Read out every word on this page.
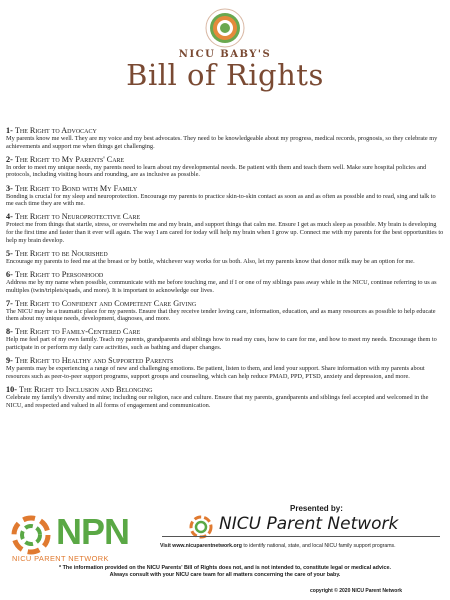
NICU BABY'S
Bill of Rights
1- The Right to Advocacy
My parents know me well. They are my voice and my best advocates. They need to be knowledgeable about my progress, medical records, prognosis, so they celebrate my achievements and support me when things get challenging.
2- The Right to My Parents' Care
In order to meet my unique needs, my parents need to learn about my developmental needs. Be patient with them and teach them well. Make sure hospital policies and protocols, including visiting hours and rounding, are as inclusive as possible.
3- The Right to Bond with My Family
Bonding is crucial for my sleep and neuroprotection. Encourage my parents to practice skin-to-skin contact as soon as and as often as possible and to read, sing and talk to me each time they are with me.
4- The Right to Neuroprotective Care
Protect me from things that startle, stress, or overwhelm me and my brain, and support things that calm me. Ensure I get as much sleep as possible. My brain is developing for the first time and faster than it ever will again. The way I am cared for today will help my brain when I grow up. Connect me with my parents for the best opportunities to help my brain develop.
5- The Right to be Nourished
Encourage my parents to feed me at the breast or by bottle, whichever way works for us both. Also, let my parents know that donor milk may be an option for me.
6- The Right to Personhood
Address me by my name when possible, communicate with me before touching me, and if I or one of my siblings pass away while in the NICU, continue referring to us as multiples (twin/triplets/quads, and more). It is important to acknowledge our lives.
7- The Right to Confident and Competent Care Giving
The NICU may be a traumatic place for my parents. Ensure that they receive tender loving care, information, education, and as many resources as possible to help educate them about my unique needs, development, diagnoses, and more.
8- The Right to Family-Centered Care
Help me feel part of my own family. Teach my parents, grandparents and siblings how to read my cues, how to care for me, and how to meet my needs. Encourage them to participate in or perform my daily care activities, such as bathing and diaper changes.
9- The Right to Healthy and Supported Parents
My parents may be experiencing a range of new and challenging emotions. Be patient, listen to them, and lend your support. Share information with my parents about resources such as peer-to-peer support programs, support groups and counseling, which can help reduce PMAD, PPD, PTSD, anxiety and depression, and more.
10- The Right to Inclusion and Belonging
Celebrate my family's diversity and mine; including our religion, race and culture. Ensure that my parents, grandparents and siblings feel accepted and welcomed in the NICU, and respected and valued in all forms of engagement and communication.
Presented by:
NPN
NICU PARENT NETWORK
NICU Parent Network
Visit www.nicuparentnetwork.org to identify national, state, and local NICU family support programs.
* The information provided on the NICU Parents' Bill of Rights does not, and is not intended to, constitute legal or medical advice.
Always consult with your NICU care team for all matters concerning the care of your baby.
copyright © 2020 NICU Parent Network
